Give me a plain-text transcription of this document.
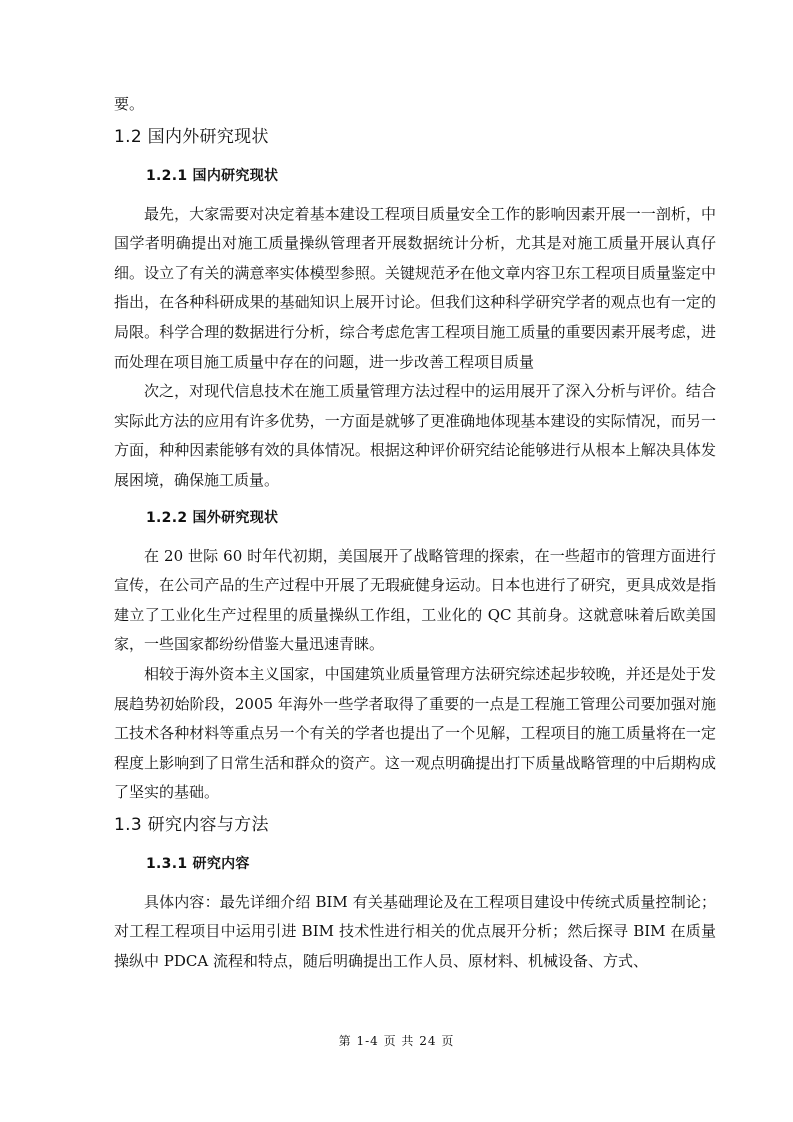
要。

1.2 国内外研究现状
1.2.1 国内研究现状

最先，大家需要对决定着基本建设工程项目质量安全工作的影响因素开展一一剖析，中国学者明确提出对施工质量操纵管理者开展数据统计分析，尤其是对施工质量开展认真仔细。设立了有关的满意率实体模型参照。关键规范矛在他文章内容卫东工程项目质量鉴定中指出，在各种科研成果的基础知识上展开讨论。但我们这种科学研究学者的观点也有一定的局限。科学合理的数据进行分析，综合考虑危害工程项目施工质量的重要因素开展考虑，进而处理在项目施工质量中存在的问题，进一步改善工程项目质量

次之，对现代信息技术在施工质量管理方法过程中的运用展开了深入分析与评价。结合实际此方法的应用有许多优势，一方面是就够了更准确地体现基本建设的实际情况，而另一方面，种种因素能够有效的具体情况。根据这种评价研究结论能够进行从根本上解决具体发展困境，确保施工质量。

1.2.2 国外研究现状

在 20 世际 60 时年代初期，美国展开了战略管理的探索，在一些超市的管理方面进行宣传，在公司产品的生产过程中开展了无瑕疵健身运动。日本也进行了研究，更具成效是指建立了工业化生产过程里的质量操纵工作组，工业化的 QC 其前身。这就意味着后欧美国家，一些国家都纷纷借鉴大量迅速青睐。

相较于海外资本主义国家，中国建筑业质量管理方法研究综述起步较晚，并还是处于发展趋势初始阶段，2005 年海外一些学者取得了重要的一点是工程施工管理公司要加强对施工技术各种材料等重点另一个有关的学者也提出了一个见解，工程项目的施工质量将在一定程度上影响到了日常生活和群众的资产。这一观点明确提出打下质量战略管理的中后期构成了坚实的基础。

1.3 研究内容与方法
1.3.1 研究内容

具体内容：最先详细介绍 BIM 有关基础理论及在工程项目建设中传统式质量控制论；对工程工程项目中运用引进 BIM 技术性进行相关的优点展开分析；然后探寻 BIM 在质量操纵中 PDCA 流程和特点，随后明确提出工作人员、原材料、机械设备、方式、

第 1-4 页 共 24 页
